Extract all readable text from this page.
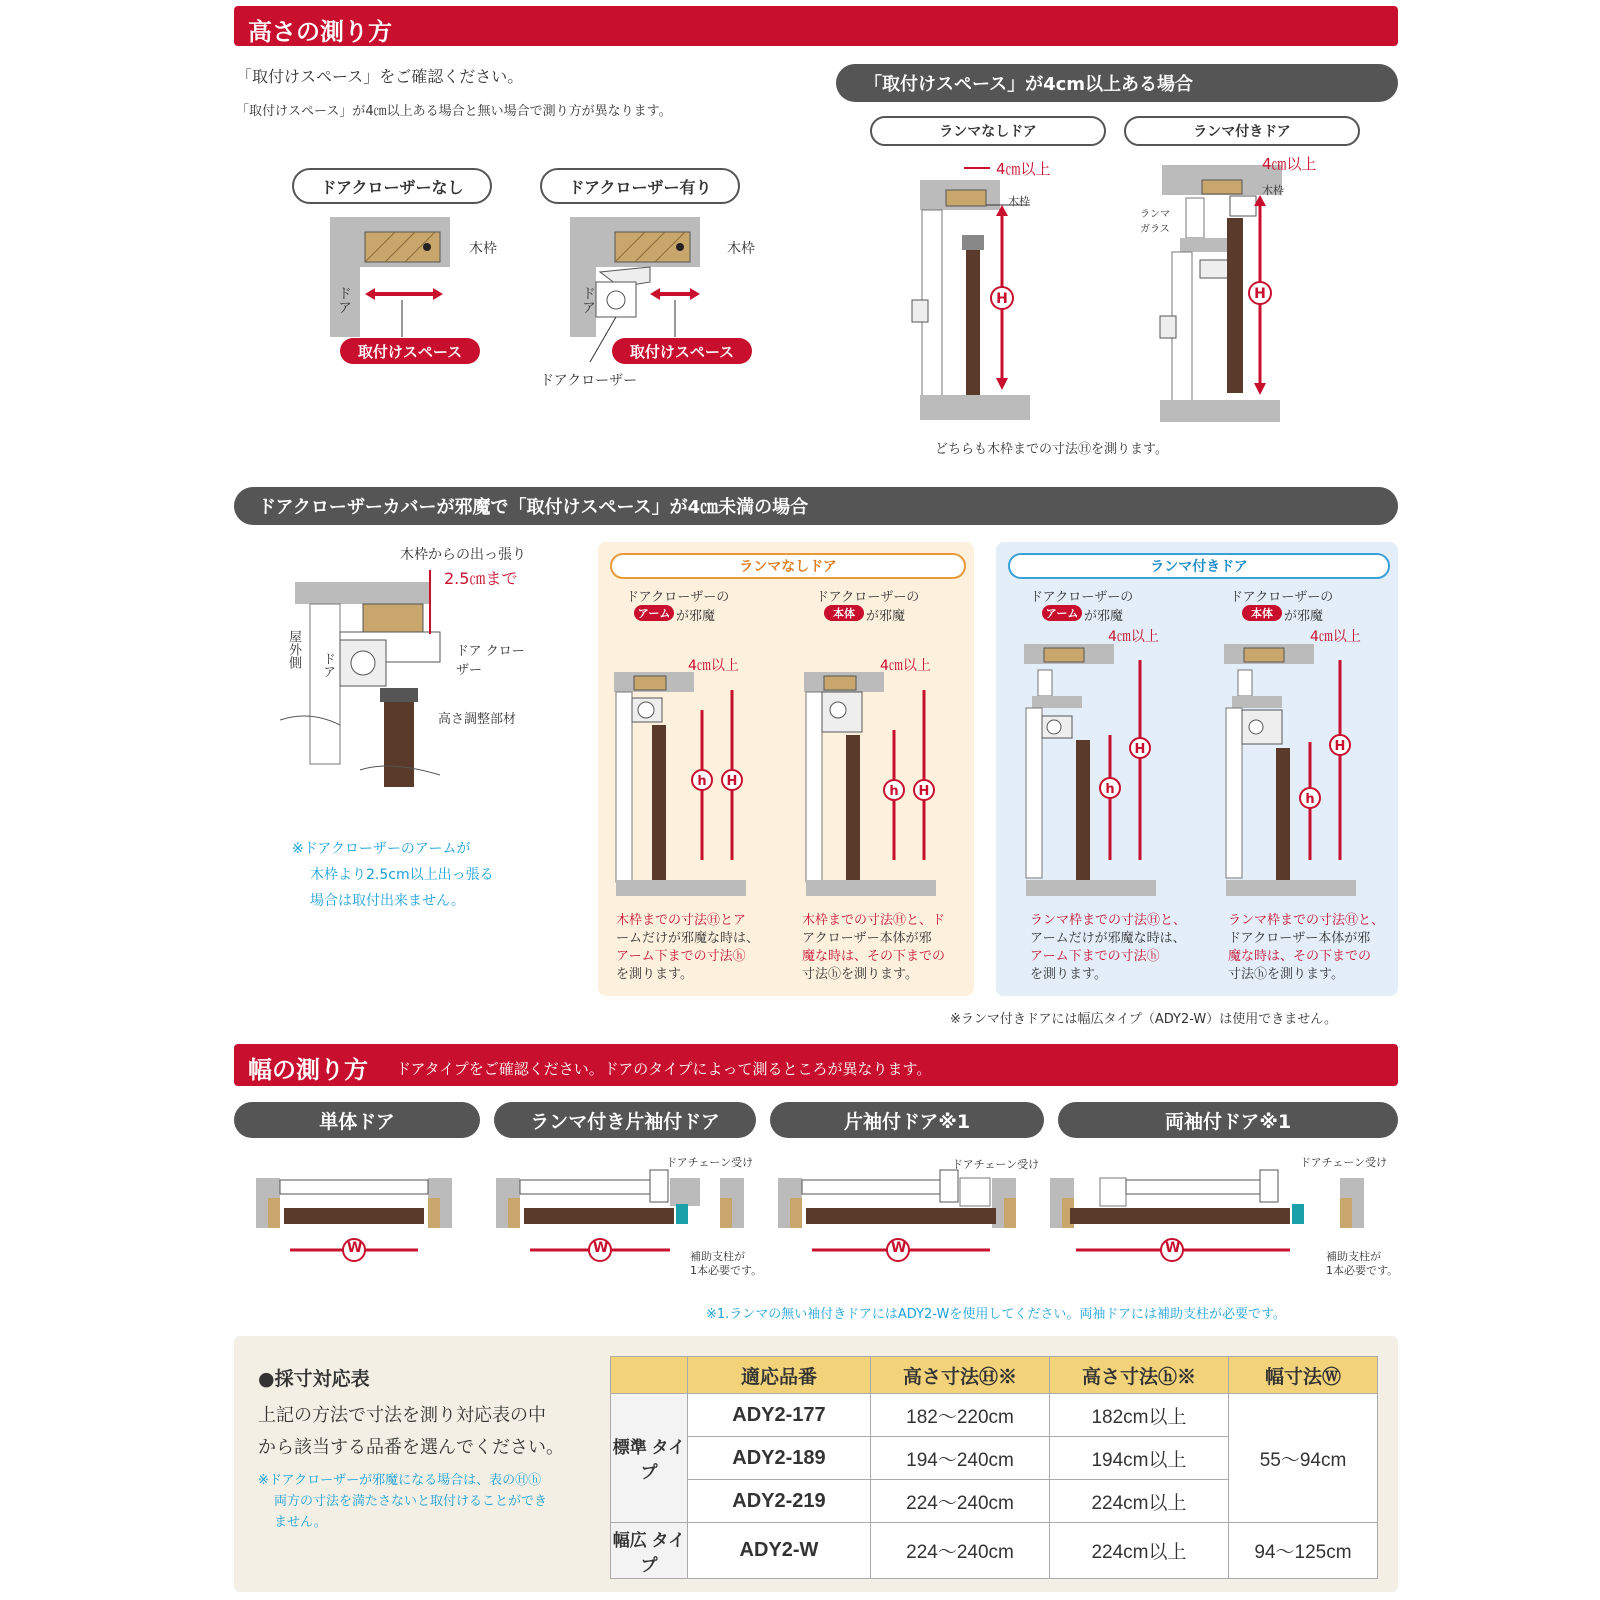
高さの測り方
「取付けスペース」をご確認ください。
「取付けスペース」が4㎝以上ある場合と無い場合で測り方が異なります。
ドアクローザーなし
木枠
ドア
取付けスペース
ドアクローザー有り
木枠
ドア
取付けスペース
ドアクローザー
「取付けスペース」が4cm以上ある場合
ランマなしドア	ランマ付きドア
H
4㎝以上
木枠
H
4㎝以上
木枠
ランマ ガラス
どちらも木枠までの寸法Ⓗを測ります。
ドアクローザーカバーが邪魔で「取付けスペース」が4㎝未満の場合
木枠からの出っ張り
2.5㎝まで
屋外側 ドア
ドア クローザー
高さ調整部材
※ドアクローザーのアームが
木枠より2.5cm以上出っ張る
場合は取付出来ません。
ランマなしドア	ランマ付きドア
ドアクローザーの
アーム が邪魔
ドアクローザーの
本体 が邪魔
ドアクローザーの
アーム が邪魔
ドアクローザーの
本体 が邪魔
h H
h H	h
H
h
H
4㎝以上	4㎝以上
4㎝以上	4㎝以上
木枠までの寸法Ⓗとア
ームだけが邪魔な時は、
アーム下までの寸法ⓗ
を測ります。
木枠までの寸法Ⓗと、ド
アクローザー本体が邪
魔な時は、その下までの
寸法ⓗを測ります。
ランマ枠までの寸法Ⓗと、
アームだけが邪魔な時は、
アーム下までの寸法ⓗ
を測ります。
ランマ枠までの寸法Ⓗと、
ドアクローザー本体が邪
魔な時は、その下までの
寸法ⓗを測ります。
※ランマ付きドアには幅広タイプ（ADY2-W）は使用できません。
幅の測り方 ドアタイプをご確認ください。ドアのタイプによって測るところが異なります。
単体ドア	ランマ付き片袖付ドア	片袖付ドア※1	両袖付ドア※1
W	W	W	W
ドアチェーン受け	ドアチェーン受け	ドアチェーン受け
補助支柱が
1本必要です。
補助支柱が
1本必要です。
※1.ランマの無い袖付きドアにはADY2-Wを使用してください。両袖ドアには補助支柱が必要です。
●採寸対応表
上記の方法で寸法を測り対応表の中
から該当する品番を選んでください。
※ドアクローザーが邪魔になる場合は、表のⒽⓗ
両方の寸法を満たさないと取付けることができ
ません。
	適応品番	高さ寸法Ⓗ※	高さ寸法ⓗ※	幅寸法Ⓦ
標準 タイプ	ADY2-177	182～220cm	182cm以上	55～94cm
	ADY2-189	194～240cm	194cm以上	
	ADY2-219	224～240cm	224cm以上	
幅広 タイプ	ADY2-W	224～240cm	224cm以上	94～125cm
